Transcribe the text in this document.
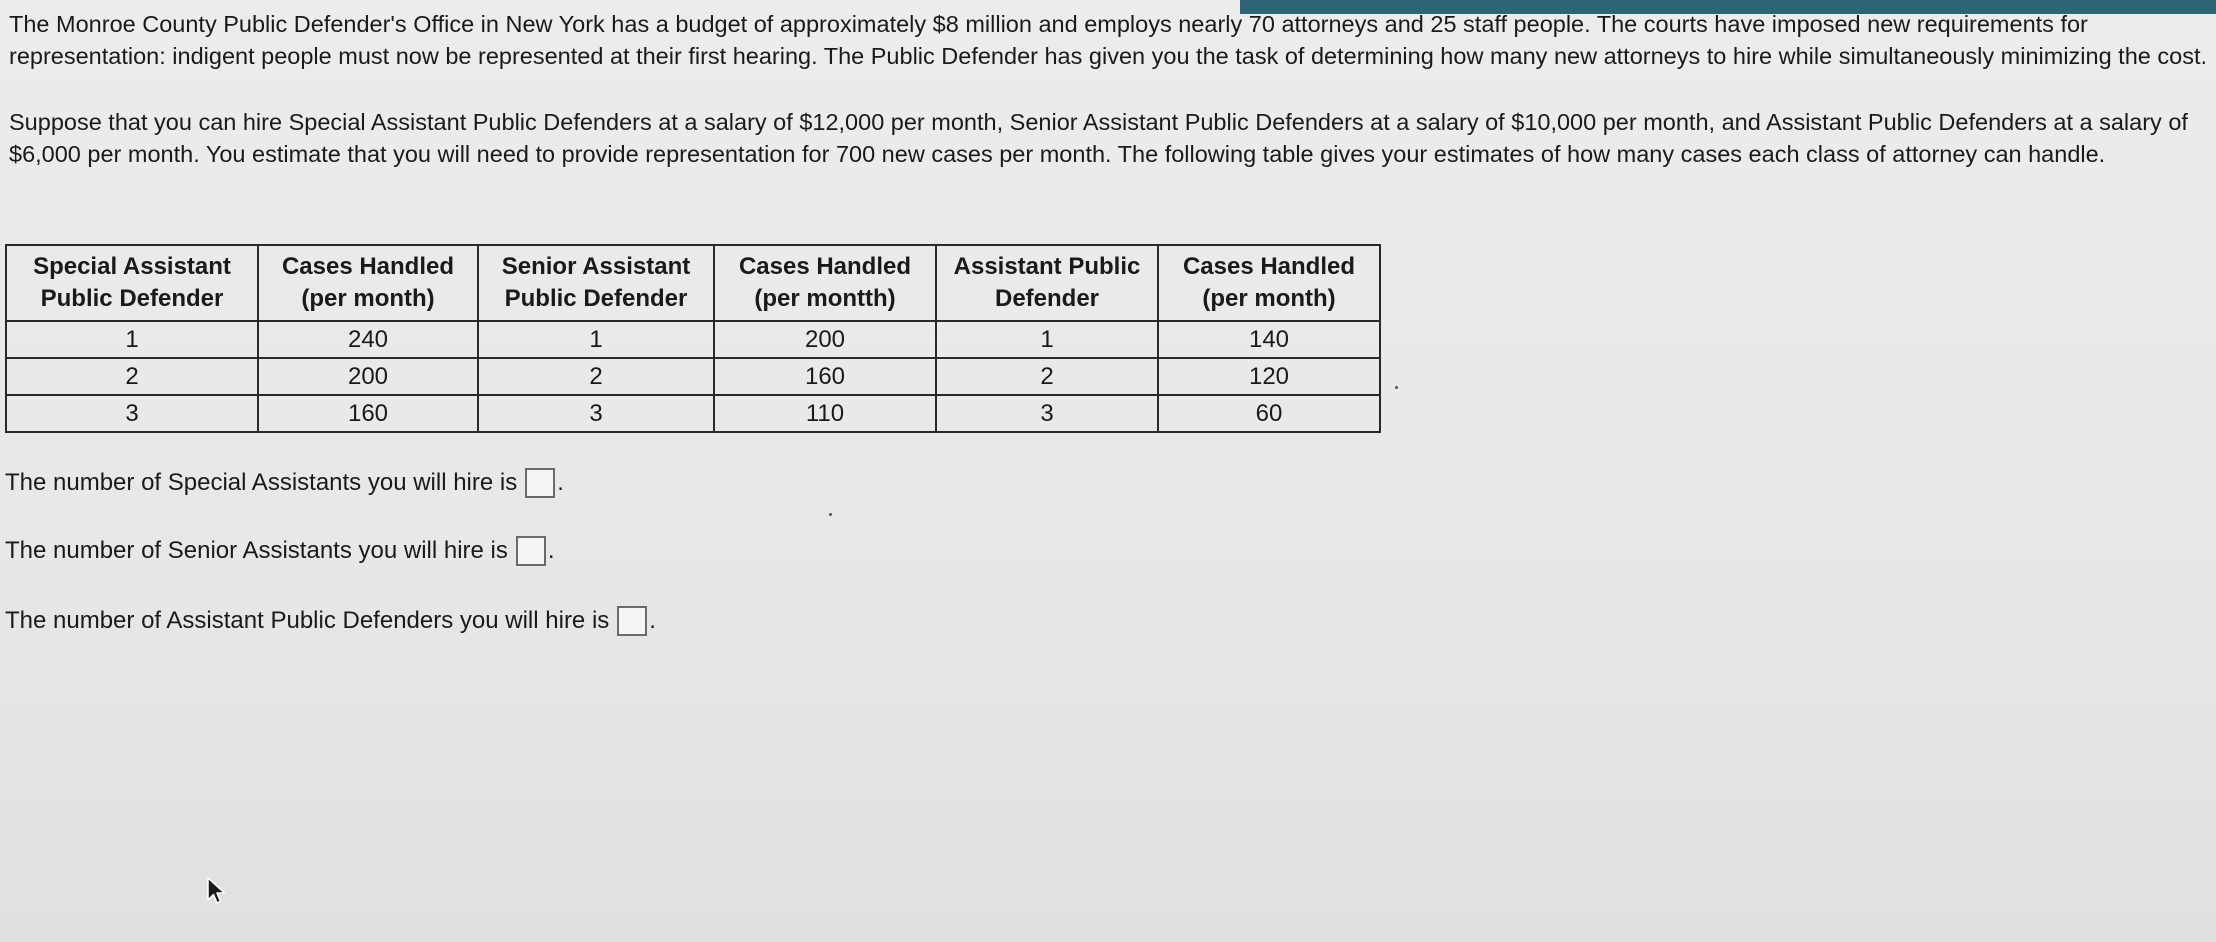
The Monroe County Public Defender's Office in New York has a budget of approximately $8 million and employs nearly 70 attorneys and 25 staff people. The courts have imposed new requirements for representation: indigent people must now be represented at their first hearing. The Public Defender has given you the task of determining how many new attorneys to hire while simultaneously minimizing the cost.

Suppose that you can hire Special Assistant Public Defenders at a salary of $12,000 per month, Senior Assistant Public Defenders at a salary of $10,000 per month, and Assistant Public Defenders at a salary of $6,000 per month. You estimate that you will need to provide representation for 700 new cases per month. The following table gives your estimates of how many cases each class of attorney can handle.

Special Assistant Public Defender	Cases Handled (per month)	Senior Assistant Public Defender	Cases Handled (per montth)	Assistant Public Defender	Cases Handled (per month)
1	240	1	200	1	140
2	200	2	160	2	120
3	160	3	110	3	60
The number of Special Assistants you will hire is .
The number of Senior Assistants you will hire is .
The number of Assistant Public Defenders you will hire is .
